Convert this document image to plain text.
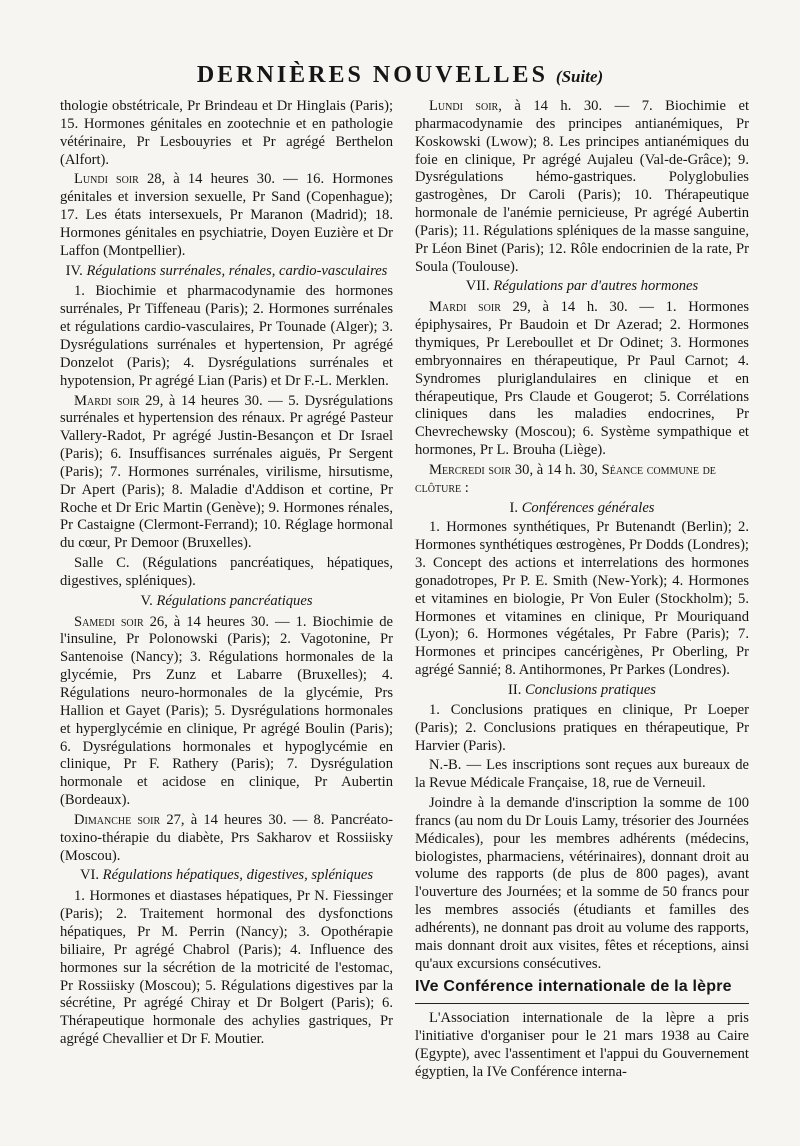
DERNIÈRES NOUVELLES (Suite)

thologie obstétricale, Pr Brindeau et Dr Hinglais (Paris); 15. Hormones génitales en zootechnie et en pathologie vétérinaire, Pr Lesbouyries et Pr agrégé Berthelon (Alfort).

Lundi soir 28, à 14 heures 30. — 16. Hormones génitales et inversion sexuelle, Pr Sand (Copenhague); 17. Les états intersexuels, Pr Maranon (Madrid); 18. Hormones génitales en psychiatrie, Doyen Euzière et Dr Laffon (Montpellier).

IV. Régulations surrénales, rénales, cardio-vasculaires

1. Biochimie et pharmacodynamie des hormones surrénales, Pr Tiffeneau (Paris); 2. Hormones surrénales et régulations cardio-vasculaires, Pr Tounade (Alger); 3. Dysrégulations surrénales et hypertension, Pr agrégé Donzelot (Paris); 4. Dysrégulations surrénales et hypotension, Pr agrégé Lian (Paris) et Dr F.-L. Merklen.

Mardi soir 29, à 14 heures 30. — 5. Dysrégulations surrénales et hypertension des rénaux. Pr agrégé Pasteur Vallery-Radot, Pr agrégé Justin-Besançon et Dr Israel (Paris); 6. Insuffisances surrénales aiguës, Pr Sergent (Paris); 7. Hormones surrénales, virilisme, hirsutisme, Dr Apert (Paris); 8. Maladie d'Addison et cortine, Pr Roche et Dr Eric Martin (Genève); 9. Hormones rénales, Pr Castaigne (Clermont-Ferrand); 10. Réglage hormonal du cœur, Pr Demoor (Bruxelles).

Salle C. (Régulations pancréatiques, hépatiques, digestives, spléniques).

V. Régulations pancréatiques

Samedi soir 26, à 14 heures 30. — 1. Biochimie de l'insuline, Pr Polonowski (Paris); 2. Vagotonine, Pr Santenoise (Nancy); 3. Régulations hormonales de la glycémie, Prs Zunz et Labarre (Bruxelles); 4. Régulations neuro-hormonales de la glycémie, Prs Hallion et Gayet (Paris); 5. Dysrégulations hormonales et hyperglycémie en clinique, Pr agrégé Boulin (Paris); 6. Dysrégulations hormonales et hypoglycémie en clinique, Pr F. Rathery (Paris); 7. Dysrégulation hormonale et acidose en clinique, Pr Aubertin (Bordeaux).

Dimanche soir 27, à 14 heures 30. — 8. Pancréato-toxino-thérapie du diabète, Prs Sakharov et Rossiisky (Moscou).

VI. Régulations hépatiques, digestives, spléniques

1. Hormones et diastases hépatiques, Pr N. Fiessinger (Paris); 2. Traitement hormonal des dysfonctions hépatiques, Pr M. Perrin (Nancy); 3. Opothérapie biliaire, Pr agrégé Chabrol (Paris); 4. Influence des hormones sur la sécrétion de la motricité de l'estomac, Pr Rossiisky (Moscou); 5. Régulations digestives par la sécrétine, Pr agrégé Chiray et Dr Bolgert (Paris); 6. Thérapeutique hormonale des achylies gastriques, Pr agrégé Chevallier et Dr F. Moutier.

Lundi soir, à 14 h. 30. — 7. Biochimie et pharmacodynamie des principes antianémiques, Pr Koskowski (Lwow); 8. Les principes antianémiques du foie en clinique, Pr agrégé Aujaleu (Val-de-Grâce); 9. Dysrégulations hémo-gastriques. Polyglobulies gastrogènes, Dr Caroli (Paris); 10. Thérapeutique hormonale de l'anémie pernicieuse, Pr agrégé Aubertin (Paris); 11. Régulations spléniques de la masse sanguine, Pr Léon Binet (Paris); 12. Rôle endocrinien de la rate, Pr Soula (Toulouse).

VII. Régulations par d'autres hormones

Mardi soir 29, à 14 h. 30. — 1. Hormones épiphysaires, Pr Baudoin et Dr Azerad; 2. Hormones thymiques, Pr Lereboullet et Dr Odinet; 3. Hormones embryonnaires en thérapeutique, Pr Paul Carnot; 4. Syndromes pluriglandulaires en clinique et en thérapeutique, Prs Claude et Gougerot; 5. Corrélations cliniques dans les maladies endocrines, Pr Chevrechewsky (Moscou); 6. Système sympathique et hormones, Pr L. Brouha (Liège).

Mercredi soir 30, à 14 h. 30, Séance commune de clôture :

I. Conférences générales

1. Hormones synthétiques, Pr Butenandt (Berlin); 2. Hormones synthétiques œstrogènes, Pr Dodds (Londres); 3. Concept des actions et interrelations des hormones gonadotropes, Pr P. E. Smith (New-York); 4. Hormones et vitamines en biologie, Pr Von Euler (Stockholm); 5. Hormones et vitamines en clinique, Pr Mouriquand (Lyon); 6. Hormones végétales, Pr Fabre (Paris); 7. Hormones et principes cancérigènes, Pr Oberling, Pr agrégé Sannié; 8. Antihormones, Pr Parkes (Londres).

II. Conclusions pratiques

1. Conclusions pratiques en clinique, Pr Loeper (Paris); 2. Conclusions pratiques en thérapeutique, Pr Harvier (Paris).

N.-B. — Les inscriptions sont reçues aux bureaux de la Revue Médicale Française, 18, rue de Verneuil.

Joindre à la demande d'inscription la somme de 100 francs (au nom du Dr Louis Lamy, trésorier des Journées Médicales), pour les membres adhérents (médecins, biologistes, pharmaciens, vétérinaires), donnant droit au volume des rapports (de plus de 800 pages), avant l'ouverture des Journées; et la somme de 50 francs pour les membres associés (étudiants et familles des adhérents), ne donnant pas droit au volume des rapports, mais donnant droit aux visites, fêtes et réceptions, ainsi qu'aux excursions consécutives.

IVe Conférence internationale de la lèpre

L'Association internationale de la lèpre a pris l'initiative d'organiser pour le 21 mars 1938 au Caire (Egypte), avec l'assentiment et l'appui du Gouvernement égyptien, la IVe Conférence interna-
